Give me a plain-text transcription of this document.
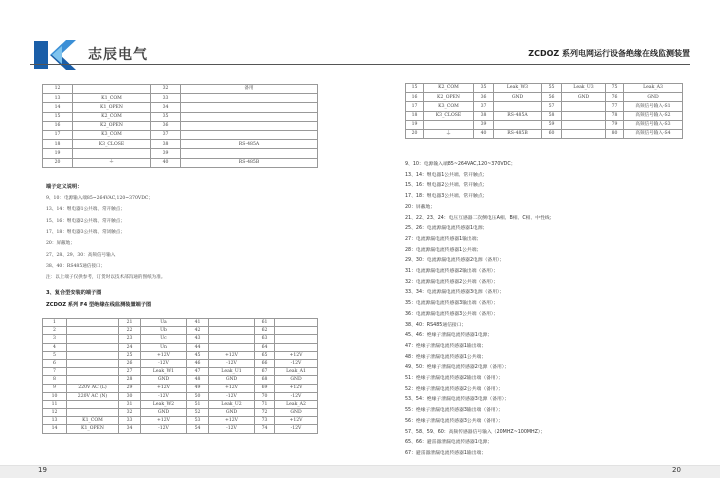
志辰电气	ZCDOZ 系列电网运行设备绝缘在线监测装置
12		32	备用
13	K1_COM	33	
14	K1_OPEN	34	
15	K2_COM	35	
16	K2_OPEN	36	
17	K3_COM	37	
18	K3_CLOSE	38	RS-485A
19		39	
20	⏚	40	RS-485B
端子定义说明：
9、10：电源输入端85~264VAC,120~370VDC；
13、14：继电器1公共端、常开触点；
15、16：继电器2公共端、常开触点；
17、18：继电器3公共端、常闭触点；
20：屏蔽地；
27、28、29、30：高频信号输入
38、40：RS485通信接口；
注：以上端子仅供参考，订货时以技术部沟通的图纸为准。
3、复合型安装的端子图
ZCDOZ 系列 F4 型绝缘在线监测装置端子图
1		21	Ua	41		61	
2		22	Ub	42		62	
3		23	Uc	43		63	
4		24	Un	44		64	
5		25	+12V	45	+12V	65	+12V
6		26	-12V	46	-12V	66	-12V
7		27	Leak_W1	47	Leak_U1	67	Leak_A1
8		28	GND	48	GND	68	GND
9	220V AC (L)	29	+12V	49	+12V	69	+12V
10	220V AC (N)	30	-12V	50	-12V	70	-12V
11		31	Leak_W2	51	Leak_U2	71	Leak_A2
12		32	GND	52	GND	72	GND
13	K1_COM	33	+12V	53	+12V	73	+12V
14	K1_OPEN	34	-12V	54	-12V	74	-12V
15	K2_COM	35	Leak_W3	55	Leak_U3	75	Leak_A3
16	K2_OPEN	36	GND	56	GND	76	GND
17	K3_COM	37		57		77	高频信号输入-S1
18	K3_CLOSE	38	RS-485A	58		78	高频信号输入-S2
19		39		59		79	高频信号输入-S3
20	⏚	40	RS-485B	60		80	高频信号输入-S4
9、10：电源输入端85~264VAC,120~370VDC；
13、14：继电器1公共端、常开触点；
15、16：继电器2公共端、常开触点；
17、18：继电器3公共端、常开触点；
20：屏蔽地；
21、22、23、24：电压互感器二次侧电压A相、B相、C相、中性线；
25、26：电流源漏电流传感器1电源；
27：电流源漏电流传感器1输出端；
28：电流源漏电流传感器1公共端；
29、30：电流源漏电流传感器2电源（备用）；
31：电流源漏电流传感器2输出端（备用）；
32：电流源漏电流传感器2公共端（备用）；
33、34：电流源漏电流传感器3电源（备用）；
35：电流源漏电流传感器3输出端（备用）；
36：电流源漏电流传感器3公共端（备用）；
38、40：RS485通信接口；
45、46：绝缘子泄漏电流传感器1电源；
47：绝缘子泄漏电流传感器1输出端；
48：绝缘子泄漏电流传感器1公共端；
49、50：绝缘子泄漏电流传感器2电源（备用）；
51：绝缘子泄漏电流传感器2输出端（备用）；
52：绝缘子泄漏电流传感器2公共端（备用）；
53、54：绝缘子泄漏电流传感器3电源（备用）；
55：绝缘子泄漏电流传感器3输出端（备用）；
56：绝缘子泄漏电流传感器3公共端（备用）；
57、58、59、60：高频传感器信号输入（20MHZ~100MHZ）；
65、66：避雷器泄漏电流传感器1电源；
67：避雷器泄漏电流传感器1输出端；
19	20
